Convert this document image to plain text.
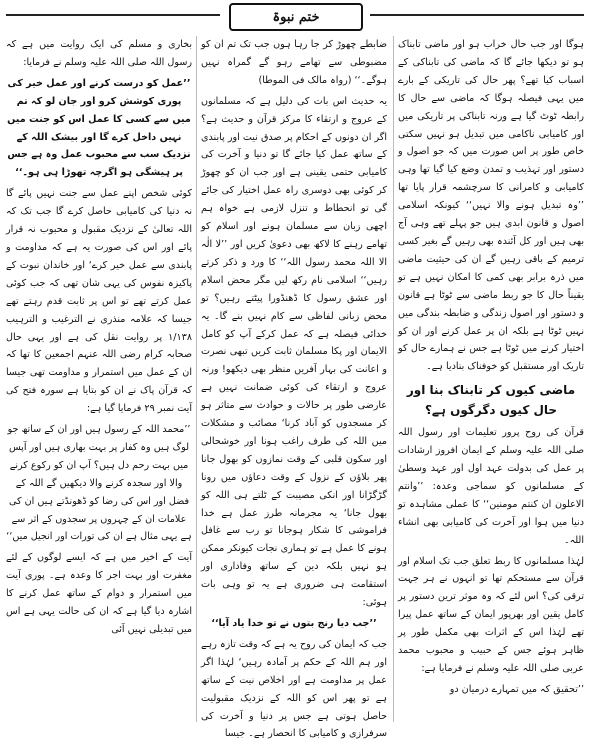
ختم نبوۃ

ہوگا اور جب حال خراب ہو اور ماضی تابناک ہو تو دیکھا جائے گا کہ ماضی کی تابناکی کے اسباب کیا تھے؟ پھر حال کی تاریکی کے بارے میں یہی فیصلہ ہوگا کہ ماضی سے حال کا رابطہ ٹوٹ گیا ہے ورنہ تابناکی پر تاریکی میں اور کامیابی ناکامی میں تبدیل ہو نہیں سکتی خاص طور پر اس صورت میں کہ جو اصول و دستور اور تہذیب و تمدن وضع کیا گیا تھا وہی کامیابی و کامرانی کا سرچشمہ قرار پایا تھا ’’وہ تبدیل ہونے والا نہیں‘‘ کیونکہ اسلامی اصول و قانون ابدی ہیں جو پہلے تھے وہی آج بھی ہیں اور کل آئندہ بھی رہیں گے بغیر کسی ترمیم کے باقی رہیں گے ان کی حیثیت ماضی میں ذرہ برابر بھی کمی کا امکان نہیں ہے تو یقیناً حال کا جو ربط ماضی سے ٹوٹا ہے قانون و دستور اور اصول زندگی و ضابطہ بندگی میں نہیں ٹوٹا ہے بلکہ ان پر عمل کرنے اور ان کو اختیار کرنے میں ٹوٹا ہے جس نے ہمارے حال کو تاریک اور مستقبل کو خوفناک بنادیا ہے۔

ماضی کیوں کر تابناک بنا اور حال کیوں دگرگوں ہے؟

قرآن کی روح پرور تعلیمات اور رسول اللہ صلی اللہ علیہ وسلم کے ایمان افروز ارشادات پر عمل کی بدولت عہد اول اور عہد وسطیٰ کے مسلمانوں کو سماجی وعدہ: ’’وانتم الاعلون ان کنتم مومنین‘‘ کا عملی مشاہدہ تو دنیا میں ہوا اور آخرت کی کامیابی بھی انشاء اللہ۔

لہٰذا مسلمانوں کا ربط تعلق جب تک اسلام اور قرآن سے مستحکم تھا تو انہوں نے ہر جہت ترقی کی؟ اس لئے کہ وہ موثر ترین دستور پر کامل یقین اور بھرپور ایمان کے ساتھ عمل پیرا تھے لہٰذا اس کے اثرات بھی مکمل طور پر ظاہر ہوئے جس کے حبیب و محبوب محمد عربی صلی اللہ علیہ وسلم نے فرمایا ہے:

’’تحقیق کہ میں تمہارے درمیان دو

ضابطے چھوڑ کر جا رہا ہوں جب تک تم ان کو مضبوطی سے تھامے رہو گے گمراہ نہیں ہوگے۔‘‘ (رواہ مالک فی الموطا)

یہ حدیث اس بات کی دلیل ہے کہ مسلمانوں کے عروج و ارتقاء کا مرکز قرآن و حدیث ہے؟ اگر ان دونوں کے احکام پر صدق نیت اور پابندی کے ساتھ عمل کیا جائے گا تو دنیا و آخرت کی کامیابی حتمی یقینی ہے اور جب ان کو چھوڑ کر کوئی بھی دوسری راہ عمل اختیار کی جائے گی تو انحطاط و تنزل لازمی ہے خواہ ہم اچھی زبان سے مسلمان ہونے اور اسلام کو تھامے رہنے کا لاکھ بھی دعویٰ کریں اور ’’لا الٰہ الا اللہ محمد رسول اللہ‘‘ کا ورد و ذکر کرتے رہیں‘‘ اسلامی نام رکھ لیں مگر محض اسلام اور عشق رسول کا ڈھنڈورا پیٹتے رہیں؟ تو محض زبانی لفاظی سے کام نہیں بنے گا۔ یہ خدائی فیصلہ ہے کہ عمل کرکے آپ کو کامل الایمان اور پکا مسلمان ثابت کریں تبھی نصرت و اعانت کی بہار آفریں منظر بھی دیکھو! ورنہ عروج و ارتقاء کی کوئی ضمانت نہیں ہے عارضی طور پر حالات و حوادث سے متاثر ہو کر مسجدوں کو آباد کرنا‘ مصائب و مشکلات میں اللہ کی طرف راغب ہونا اور خوشحالی اور سکون قلبی کے وقت نمازوں کو بھول جانا پھر بلاؤں کے نزول کے وقت دعاؤں میں رونا گڑگڑانا اور انکی مصیبت کے ٹلتے ہی اللہ کو بھول جانا‘ یہ مجرمانہ طرز عمل ہے خدا فراموشی کا شکار ہوجانا تو رب سے غافل ہونے کا عمل ہے تو ہماری نجات کیونکر ممکن ہو نہیں بلکہ دین کے ساتھ وفاداری اور استقامت ہی ضروری ہے یہ تو وہی بات ہوئی:

’’جب دیا رنج بتوں نے تو خدا یاد آیا‘‘

جب کہ ایمان کی روح یہ ہے کہ وقت تازہ رہے اور ہم اللہ کے حکم پر آمادہ رہیں‘ لہٰذا اگر عمل پر مداومت ہے اور اخلاص نیت کے ساتھ ہے تو پھر اس کو اللہ کے نزدیک مقبولیت حاصل ہوتی ہے جس پر دنیا و آخرت کی سرفرازی و کامیابی کا انحصار ہے۔ جیسا

بخاری و مسلم کی ایک روایت میں ہے کہ رسول اللہ صلی اللہ علیہ وسلم نے فرمایا:

’’عمل کو درست کرنے اور عمل خیر کی پوری کوشش کرو اور جان لو کہ تم میں سے کسی کا عمل اس کو جنت میں نہیں داخل کرے گا اور بیشک اللہ کے نزدیک سب سے محبوب عمل وہ ہے جس پر ہیشگی ہو اگرچہ تھوڑا ہی ہو۔‘‘

کوئی شخص اپنے عمل سے جنت نہیں پائے گا نہ دنیا کی کامیابی حاصل کرے گا جب تک کہ اللہ تعالیٰ کے نزدیک مقبول و محبوب نہ قرار پائے اور اس کی صورت یہ ہے کہ مداومت و پابندی سے عمل خیر کرے‘ اور خاندان نبوت کے پاکیزہ نفوس کی یہی شان تھی کہ جب کوئی عمل کرتے تھے تو اس پر ثابت قدم رہتے تھے جیسا کہ علامہ منذری نے الترغیب و الترہیب ۱/۱۳۸ پر روایت نقل کی ہے اور یہی حال صحابہ کرام رضی اللہ عنہم اجمعین کا تھا کہ ان کے عمل میں استمرار و مداومت تھی جیسا کہ قرآن پاک نے ان کو بتایا ہے سورہ فتح کی آیت نمبر ۲۹ فرمایا گیا ہے:

’’محمد اللہ کے رسول ہیں اور ان کے ساتھ جو لوگ ہیں وہ کفار پر بہت بھاری ہیں اور آپس میں بہت رحم دل ہیں؟ آپ ان کو رکوع کرنے والا اور سجدہ کرنے والا دیکھیں گے اللہ کے فضل اور اس کی رضا کو ڈھونڈتے ہیں ان کی علامات ان کے چہروں پر سجدوں کے اثر سے ہے یہی مثال ہے ان کی تورات اور انجیل میں‘‘

آیت کے اخیر میں ہے کہ ایسے لوگوں کے لئے مغفرت اور بہت اجر کا وعدہ ہے۔ پوری آیت میں استمرار و دوام کے ساتھ عمل کرنے کا اشارہ دیا گیا ہے کہ ان کی حالت یہی ہے اس میں تبدیلی نہیں آئی
